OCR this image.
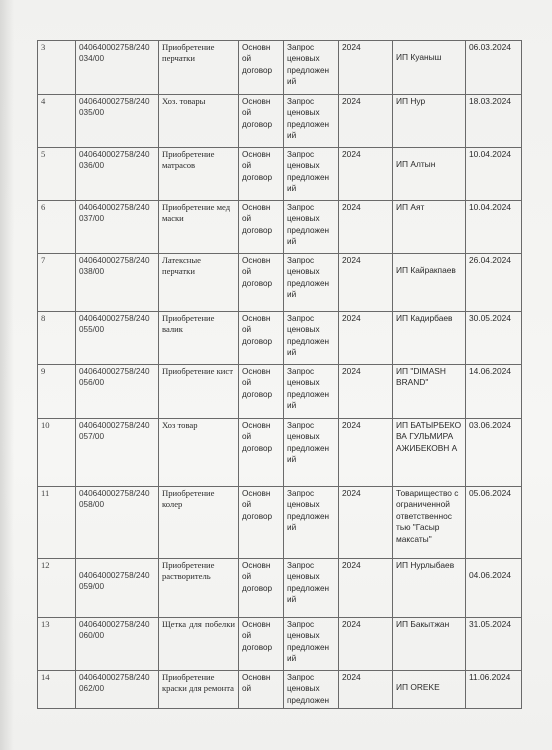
3	040640002758/240 034/00	Приобретение перчатки	Основн ой договор	Запрос ценовых предложен ий	2024	ИП Куаныш	06.03.2024
4	040640002758/240 035/00	Хоз. товары	Основн ой договор	Запрос ценовых предложен ий	2024	ИП Нур	18.03.2024
5	040640002758/240 036/00	Приобретение матрасов	Основн ой договор	Запрос ценовых предложен ий	2024	ИП Алтын	10.04.2024
6	040640002758/240 037/00	Приобретение мед маски	Основн ой договор	Запрос ценовых предложен ий	2024	ИП Аят	10.04.2024
7	040640002758/240 038/00	Латексные перчатки	Основн ой договор	Запрос ценовых предложен ий	2024	ИП Кайракпаев	26.04.2024
8	040640002758/240 055/00	Приобретение валик	Основн ой договор	Запрос ценовых предложен ий	2024	ИП Кадирбаев	30.05.2024
9	040640002758/240 056/00	Приобретение кист	Основн ой договор	Запрос ценовых предложен ий	2024	ИП "DIMASH BRAND"	14.06.2024
10	040640002758/240 057/00	Хоз товар	Основн ой договор	Запрос ценовых предложен ий	2024	ИП БАТЫРБЕКО ВА ГУЛЬМИРА АЖИБЕКОВН А	03.06.2024
11	040640002758/240 058/00	Приобретение колер	Основн ой договор	Запрос ценовых предложен ий	2024	Товарищество с ограниченной ответственнос тью "Гасыр максаты"	05.06.2024
12	040640002758/240 059/00	Приобретение растворитель	Основн ой договор	Запрос ценовых предложен ий	2024	ИП Нурлыбаев	04.06.2024

13	040640002758/240 060/00	Щетка для побелки	Основн ой договор	Запрос ценовых предложен ий	2024	ИП Бакытжан	31.05.2024
14	040640002758/240 062/00	Приобретение краски для ремонта	Основн ой	Запрос ценовых предложен	2024	ИП OREKE	11.06.2024
